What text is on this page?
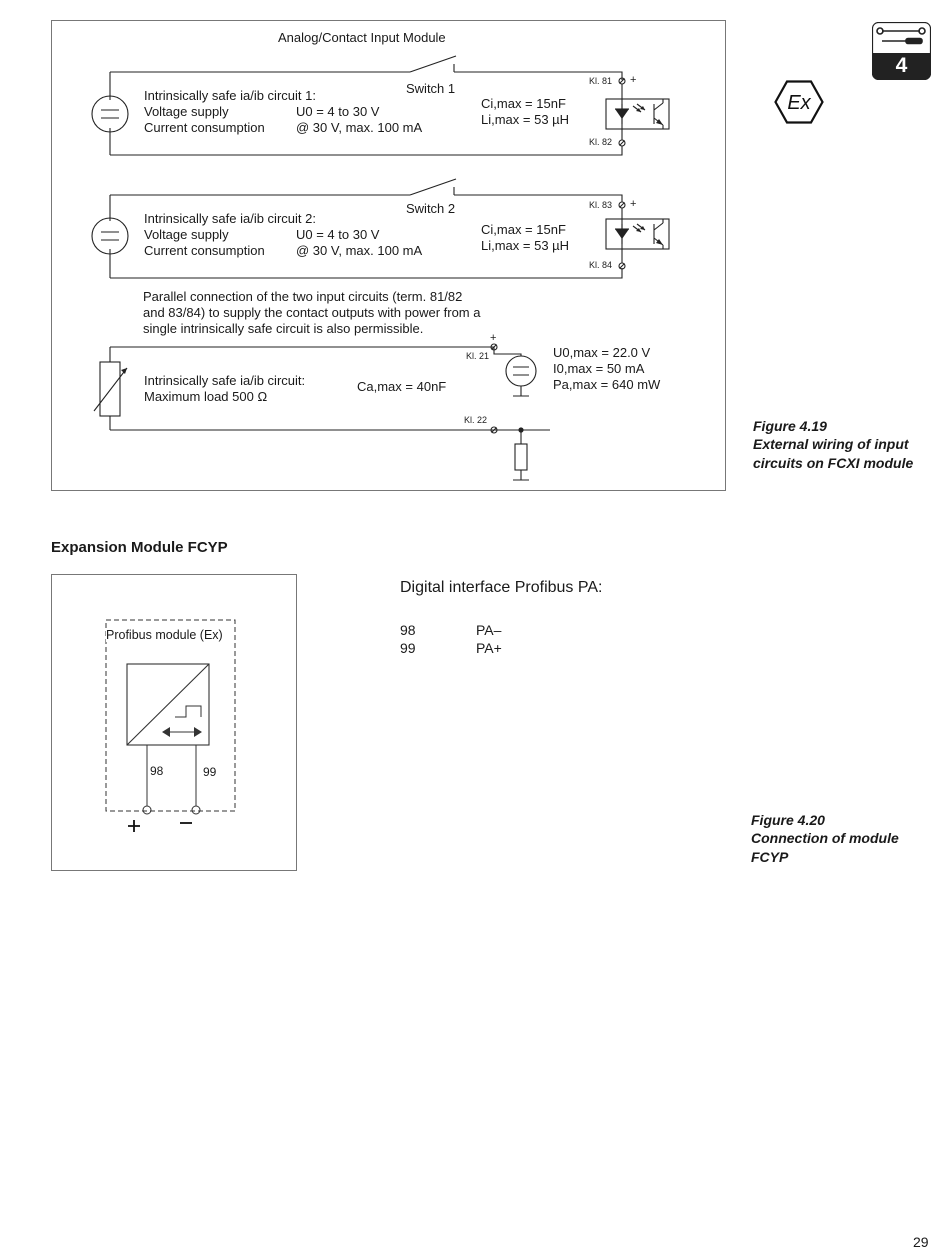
4
Ex
Analog/Contact Input Module
Switch 1
Intrinsically safe ia/ib circuit 1:
Voltage supply	U0 = 4 to 30 V
Current consumption @ 30 V, max. 100 mA
Ci,max = 15nF
Li,max = 53 µH
Kl. 81 +
Kl. 82
Switch 2
Intrinsically safe ia/ib circuit 2:
Voltage supply	U0 = 4 to 30 V
Current consumption @ 30 V, max. 100 mA
Ci,max = 15nF
Li,max = 53 µH
Kl. 83 +
Kl. 84
Parallel connection of the two input circuits (term. 81/82
and 83/84) to supply the contact outputs with power from a
single intrinsically safe circuit is also permissible.
Intrinsically safe ia/ib circuit:
Maximum load 500 Ω
Ca,max = 40nF
Kl. 21
+
Kl. 22
U0,max = 22.0 V
I0,max = 50 mA
Pa,max = 640 mW
Figure 4.19
External wiring of input circuits on FCXI module
Expansion Module FCYP
Profibus module (Ex)
98	99
Figure 4.20
Connection of module FCYP
Digital interface Profibus PA:
98	PA–
99	PA+
29
